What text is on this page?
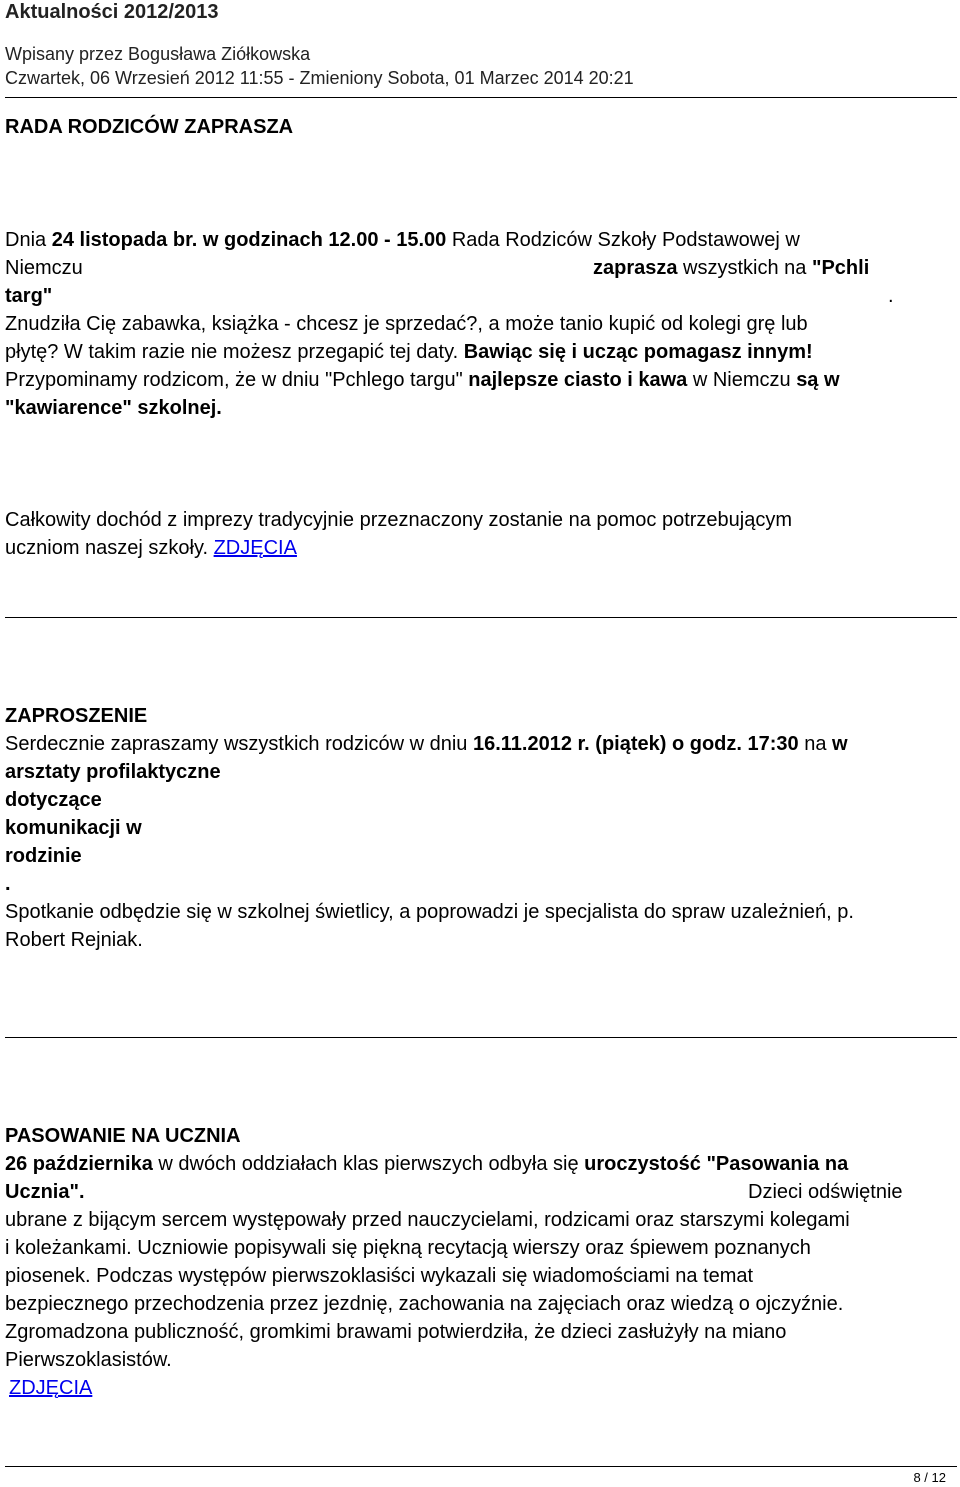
Aktualności 2012/2013
Wpisany przez Bogusława Ziółkowska
Czwartek, 06 Wrzesień 2012 11:55 - Zmieniony Sobota, 01 Marzec 2014 20:21
RADA RODZICÓW ZAPRASZA
Dnia 24 listopada br. w godzinach 12.00 - 15.00 Rada Rodziców Szkoły Podstawowej w
Niemczu	zaprasza wszystkich na "Pchli
targ"	.
Znudziła Cię zabawka, książka - chcesz je sprzedać?, a może tanio kupić od kolegi grę lub
płytę? W takim razie nie możesz przegapić tej daty. Bawiąc się i ucząc pomagasz innym!
Przypominamy rodzicom, że w dniu "Pchlego targu" najlepsze ciasto i kawa w Niemczu są w
"kawiarence" szkolnej.
Całkowity dochód z imprezy tradycyjnie przeznaczony zostanie na pomoc potrzebującym
uczniom naszej szkoły. ZDJĘCIA
ZAPROSZENIE
Serdecznie zapraszamy wszystkich rodziców w dniu 16.11.2012 r. (piątek) o godz. 17:30 na w
arsztaty profilaktyczne
dotyczące
komunikacji w
rodzinie
.
Spotkanie odbędzie się w szkolnej świetlicy, a poprowadzi je specjalista do spraw uzależnień, p.
Robert Rejniak.
PASOWANIE NA UCZNIA
26 października w dwóch oddziałach klas pierwszych odbyła się uroczystość "Pasowania na
Ucznia".	Dzieci odświętnie
ubrane z bijącym sercem występowały przed nauczycielami, rodzicami oraz starszymi kolegami
i koleżankami. Uczniowie popisywali się piękną recytacją wierszy oraz śpiewem poznanych
piosenek. Podczas występów pierwszoklasiści wykazali się wiadomościami na temat
bezpiecznego przechodzenia przez jezdnię, zachowania na zajęciach oraz wiedzą o ojczyźnie.
Zgromadzona publiczność, gromkimi brawami potwierdziła, że dzieci zasłużyły na miano
Pierwszoklasistów.
ZDJĘCIA
8 / 12
